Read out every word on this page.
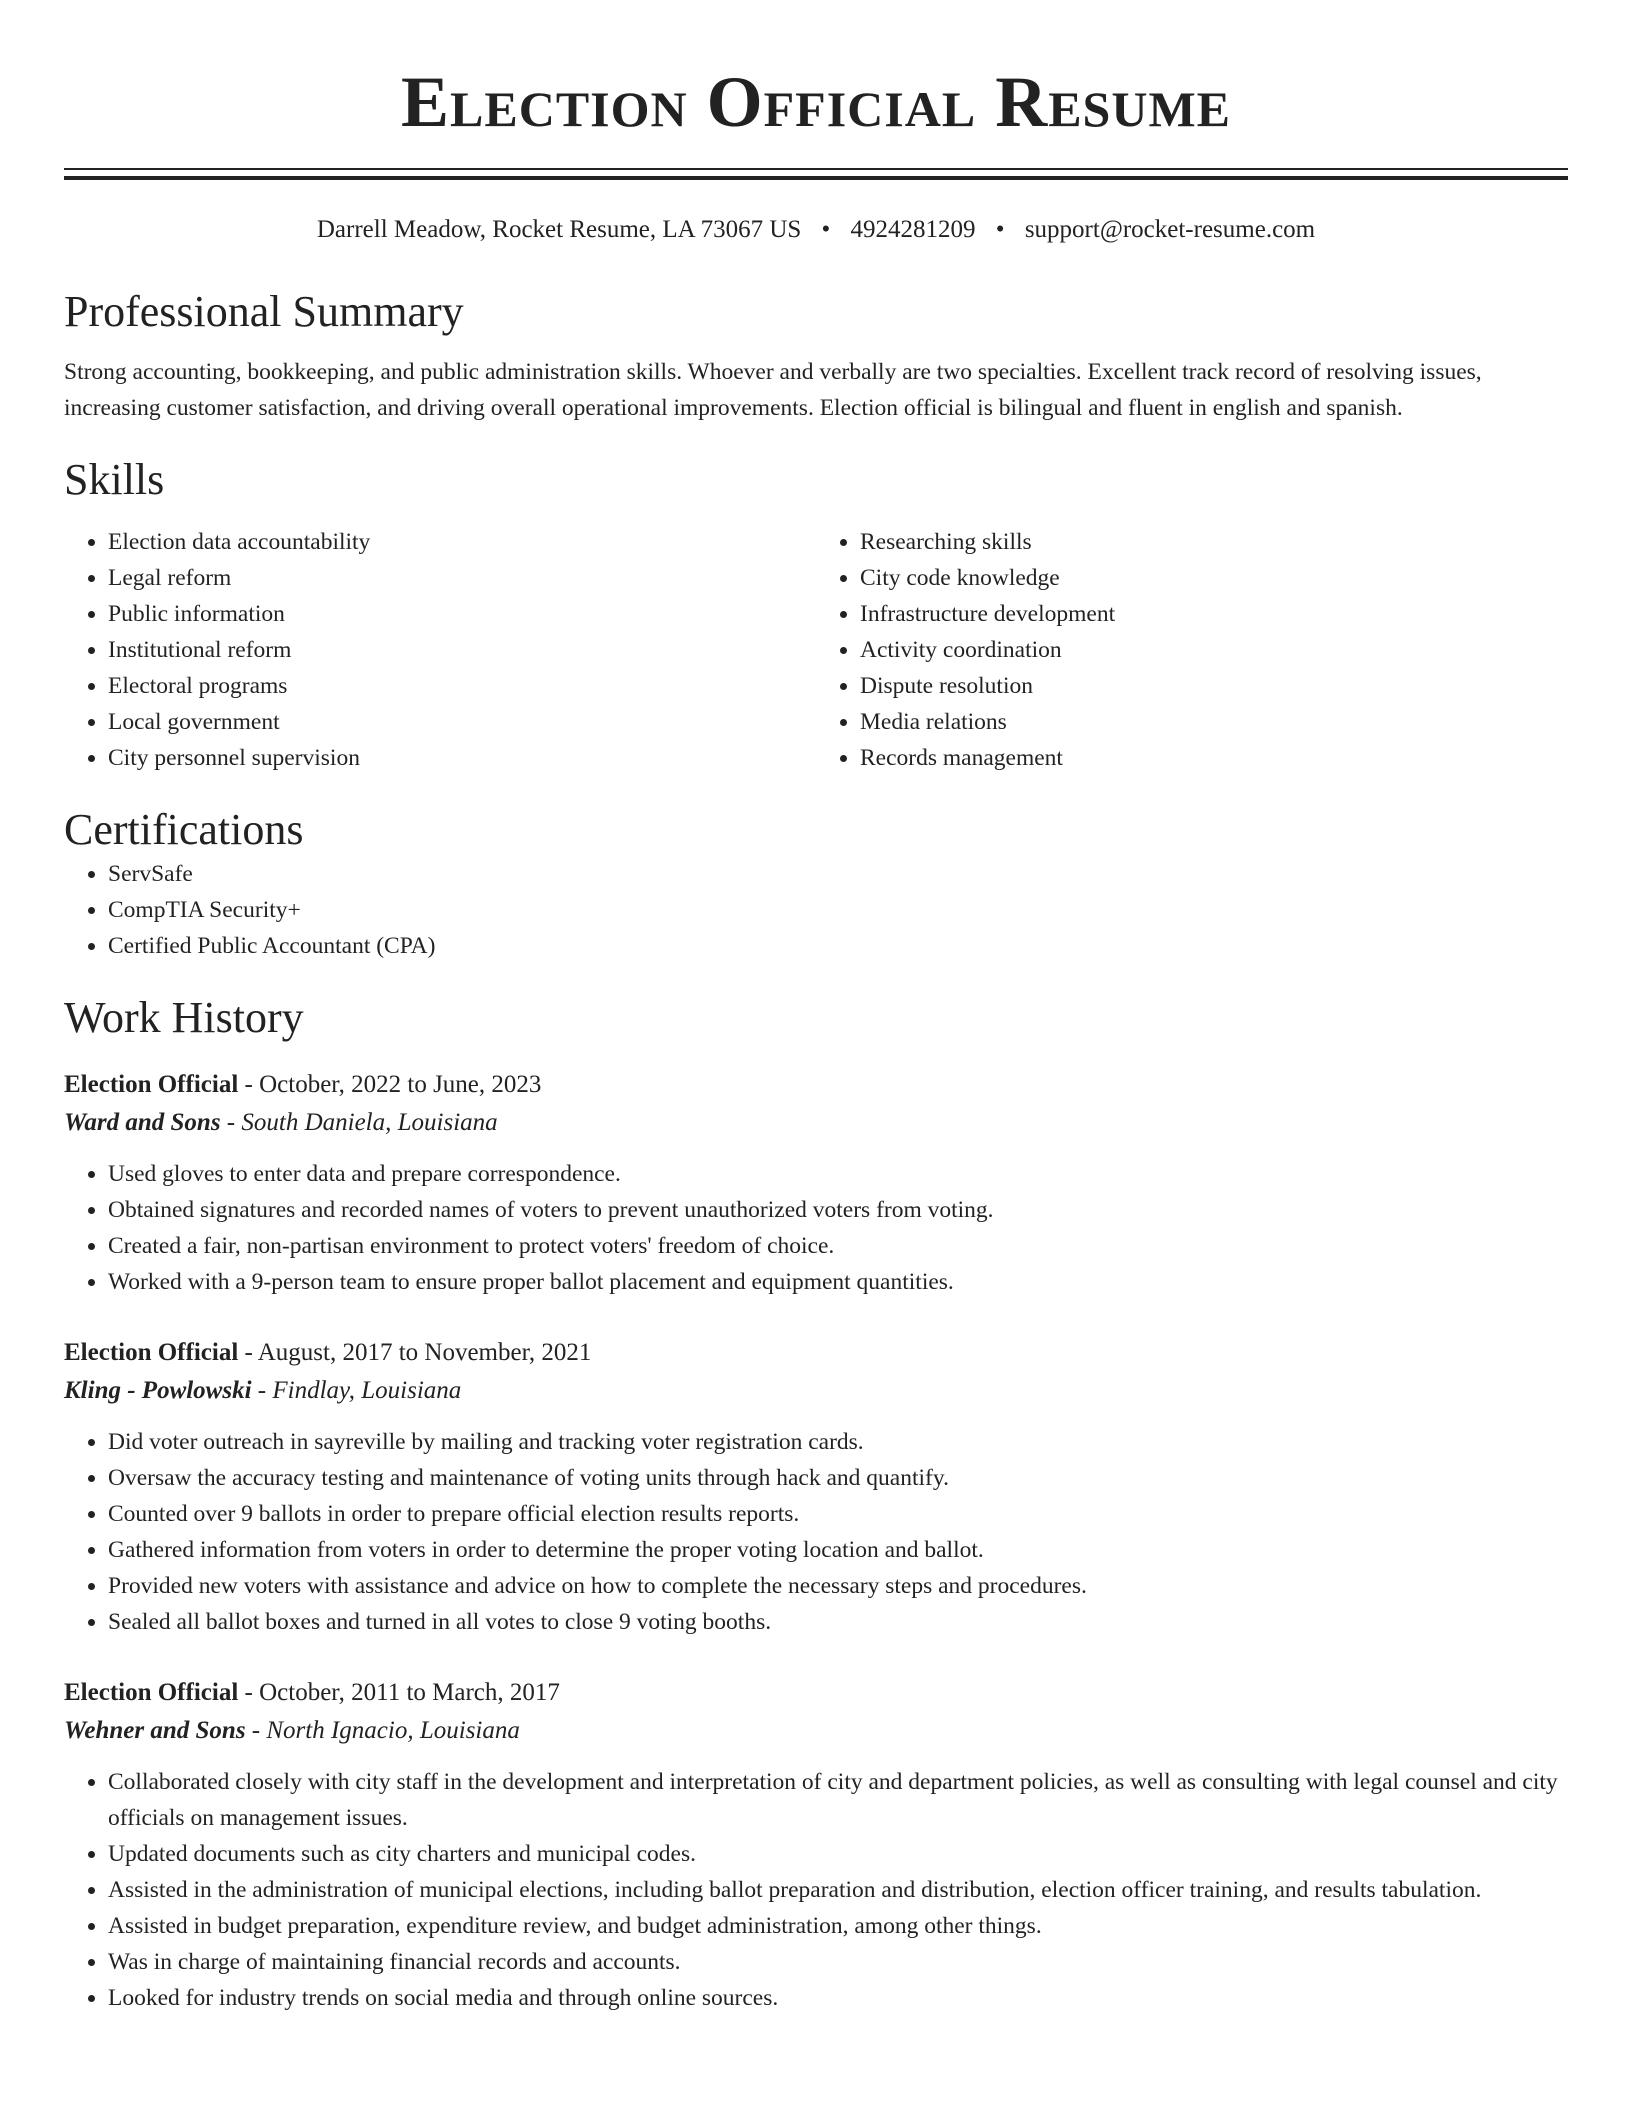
Election Official Resume
Darrell Meadow, Rocket Resume, LA 73067 US • 4924281209 • support@rocket-resume.com
Professional Summary

Strong accounting, bookkeeping, and public administration skills. Whoever and verbally are two specialties. Excellent track record of resolving issues, increasing customer satisfaction, and driving overall operational improvements. Election official is bilingual and fluent in english and spanish.

Skills
• Election data accountability
• Legal reform
• Public information
• Institutional reform
• Electoral programs
• Local government
• City personnel supervision
• Researching skills
• City code knowledge
• Infrastructure development
• Activity coordination
• Dispute resolution
• Media relations
• Records management
Certifications
• ServSafe
• CompTIA Security+
• Certified Public Accountant (CPA)
Work History
Election Official - October, 2022 to June, 2023
Ward and Sons - South Daniela, Louisiana
• Used gloves to enter data and prepare correspondence.
• Obtained signatures and recorded names of voters to prevent unauthorized voters from voting.
• Created a fair, non-partisan environment to protect voters' freedom of choice.
• Worked with a 9-person team to ensure proper ballot placement and equipment quantities.
Election Official - August, 2017 to November, 2021
Kling - Powlowski - Findlay, Louisiana
• Did voter outreach in sayreville by mailing and tracking voter registration cards.
• Oversaw the accuracy testing and maintenance of voting units through hack and quantify.
• Counted over 9 ballots in order to prepare official election results reports.
• Gathered information from voters in order to determine the proper voting location and ballot.
• Provided new voters with assistance and advice on how to complete the necessary steps and procedures.
• Sealed all ballot boxes and turned in all votes to close 9 voting booths.
Election Official - October, 2011 to March, 2017
Wehner and Sons - North Ignacio, Louisiana
• Collaborated closely with city staff in the development and interpretation of city and department policies, as well as consulting with legal counsel and city officials on management issues.
• Updated documents such as city charters and municipal codes.
• Assisted in the administration of municipal elections, including ballot preparation and distribution, election officer training, and results tabulation.
• Assisted in budget preparation, expenditure review, and budget administration, among other things.
• Was in charge of maintaining financial records and accounts.
• Looked for industry trends on social media and through online sources.
